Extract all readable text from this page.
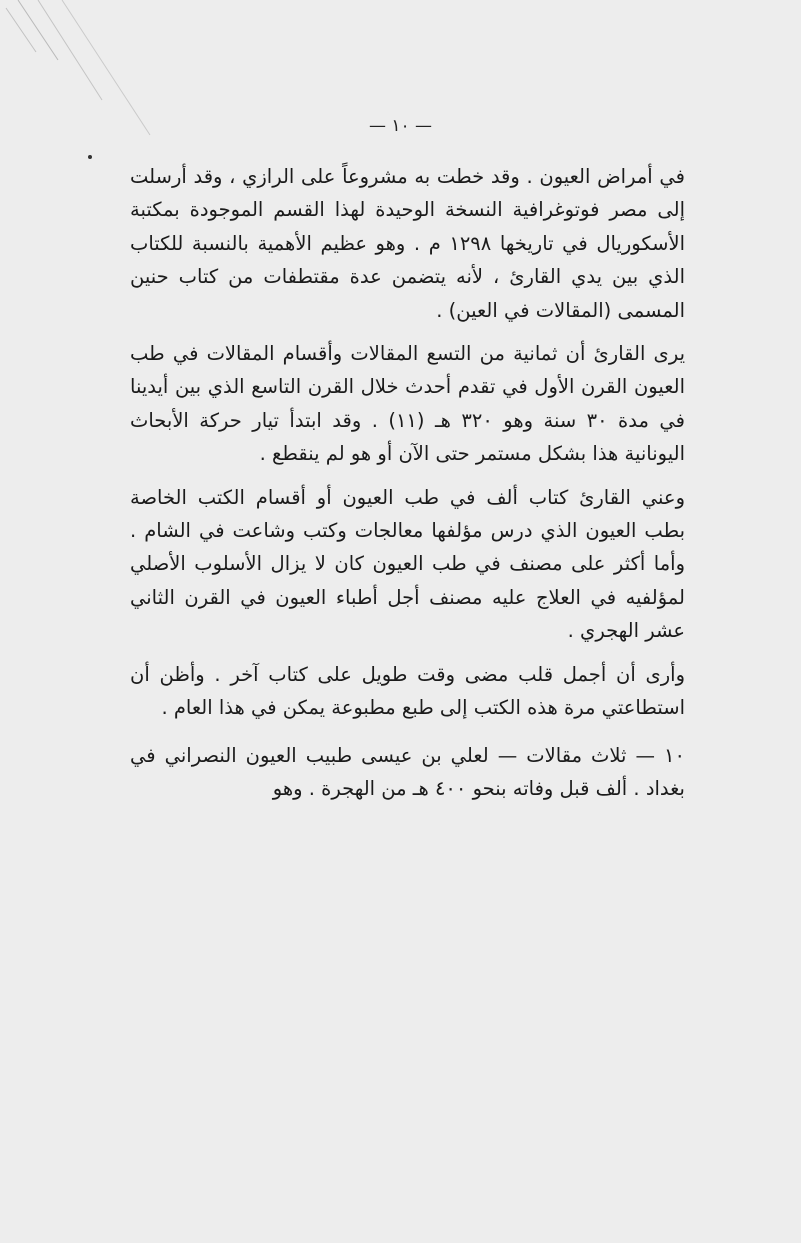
— ١٠ —

في أمراض العيون . وقد خطت به مشروعاً على الرازي ، وقد أرسلت إلى مصر فوتوغرافية النسخة الوحيدة لهذا القسم الموجودة بمكتبة الأسكوريال في تاريخها ١٢٩٨ م . وهو عظيم الأهمية بالنسبة للكتاب الذي بين يدي القارئ ، لأنه يتضمن عدة مقتطفات من كتاب حنين المسمى (المقالات في العين) .

يرى القارئ أن ثمانية من التسع المقالات وأقسام المقالات في طب العيون القرن الأول في تقدم أحدث خلال القرن التاسع الذي بين أيدينا في مدة ٣٠ سنة وهو ٣٢٠ هـ (١١) . وقد ابتدأ تيار حركة الأبحاث اليونانية هذا بشكل مستمر حتى الآن أو هو لم ينقطع .

وعني القارئ كتاب ألف في طب العيون أو أقسام الكتب الخاصة بطب العيون الذي درس مؤلفها معالجات وكتب وشاعت في الشام . وأما أكثر على مصنف في طب العيون كان لا يزال الأسلوب الأصلي لمؤلفيه في العلاج عليه مصنف أجل أطباء العيون في القرن الثاني عشر الهجري .

وأرى أن أجمل قلب مضى وقت طويل على كتاب آخر . وأظن أن استطاعتي مرة هذه الكتب إلى طبع مطبوعة يمكن في هذا العام .

١٠ — ثلاث مقالات — لعلي بن عيسى طبيب العيون النصراني في بغداد . ألف قبل وفاته بنحو ٤٠٠ هـ من الهجرة . وهو
